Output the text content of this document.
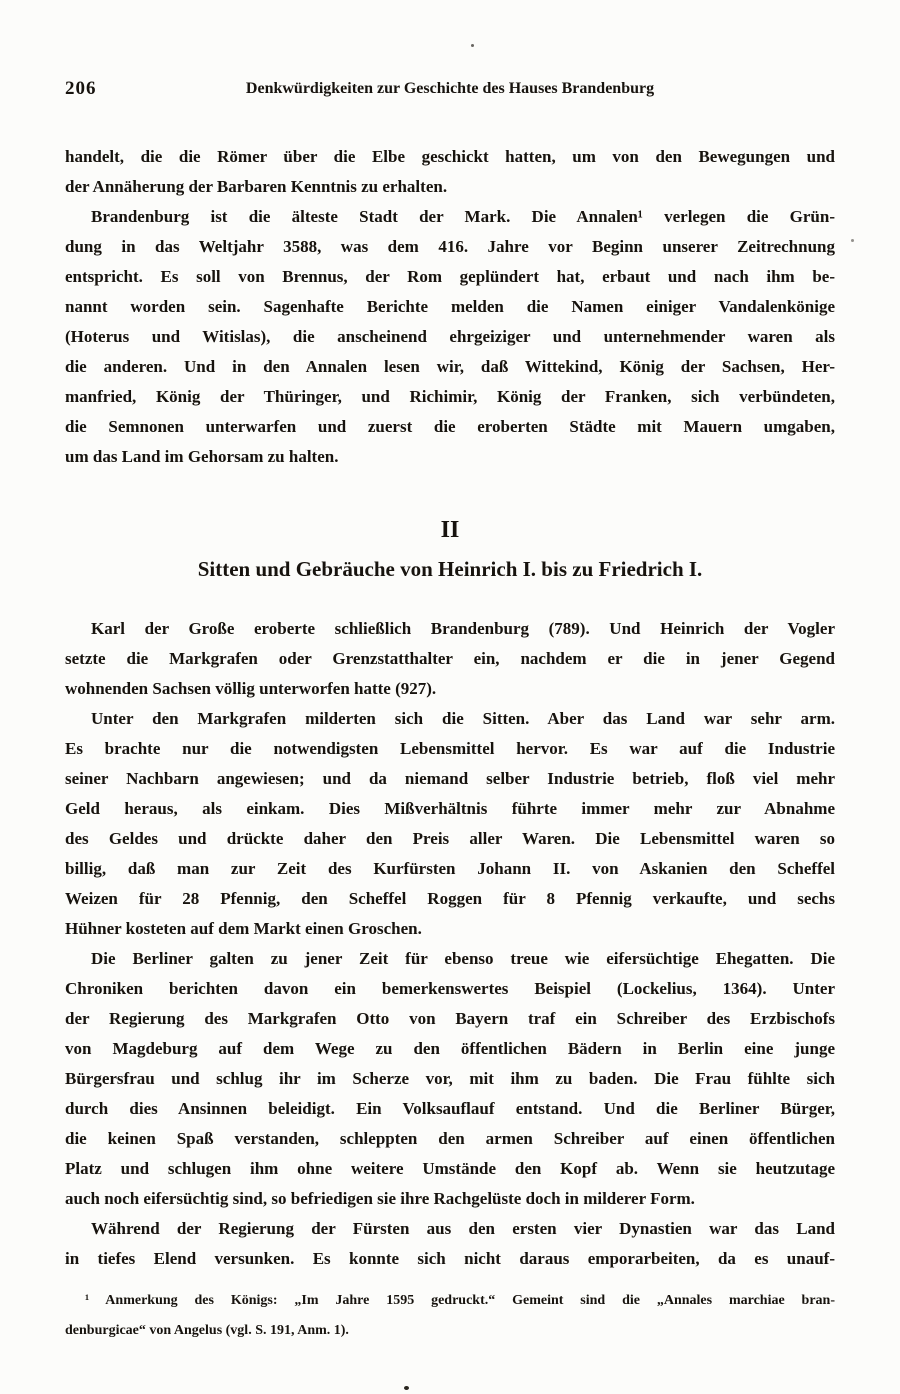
206	Denkwürdigkeiten zur Geschichte des Hauses Brandenburg
handelt, die die Römer über die Elbe geschickt hatten, um von den Bewegungen und
der Annäherung der Barbaren Kenntnis zu erhalten.
Brandenburg ist die älteste Stadt der Mark. Die Annalen¹ verlegen die Grün-
dung in das Weltjahr 3588, was dem 416. Jahre vor Beginn unserer Zeitrechnung
entspricht. Es soll von Brennus, der Rom geplündert hat, erbaut und nach ihm be-
nannt worden sein. Sagenhafte Berichte melden die Namen einiger Vandalenkönige
(Hoterus und Witislas), die anscheinend ehrgeiziger und unternehmender waren als
die anderen. Und in den Annalen lesen wir, daß Wittekind, König der Sachsen, Her-
manfried, König der Thüringer, und Richimir, König der Franken, sich verbündeten,
die Semnonen unterwarfen und zuerst die eroberten Städte mit Mauern umgaben,
um das Land im Gehorsam zu halten.
II
Sitten und Gebräuche von Heinrich I. bis zu Friedrich I.
Karl der Große eroberte schließlich Brandenburg (789). Und Heinrich der Vogler
setzte die Markgrafen oder Grenzstatthalter ein, nachdem er die in jener Gegend
wohnenden Sachsen völlig unterworfen hatte (927).
Unter den Markgrafen milderten sich die Sitten. Aber das Land war sehr arm.
Es brachte nur die notwendigsten Lebensmittel hervor. Es war auf die Industrie
seiner Nachbarn angewiesen; und da niemand selber Industrie betrieb, floß viel mehr
Geld heraus, als einkam. Dies Mißverhältnis führte immer mehr zur Abnahme
des Geldes und drückte daher den Preis aller Waren. Die Lebensmittel waren so
billig, daß man zur Zeit des Kurfürsten Johann II. von Askanien den Scheffel
Weizen für 28 Pfennig, den Scheffel Roggen für 8 Pfennig verkaufte, und sechs
Hühner kosteten auf dem Markt einen Groschen.
Die Berliner galten zu jener Zeit für ebenso treue wie eifersüchtige Ehegatten. Die
Chroniken berichten davon ein bemerkenswertes Beispiel (Lockelius, 1364). Unter
der Regierung des Markgrafen Otto von Bayern traf ein Schreiber des Erzbischofs
von Magdeburg auf dem Wege zu den öffentlichen Bädern in Berlin eine junge
Bürgersfrau und schlug ihr im Scherze vor, mit ihm zu baden. Die Frau fühlte sich
durch dies Ansinnen beleidigt. Ein Volksauflauf entstand. Und die Berliner Bürger,
die keinen Spaß verstanden, schleppten den armen Schreiber auf einen öffentlichen
Platz und schlugen ihm ohne weitere Umstände den Kopf ab. Wenn sie heutzutage
auch noch eifersüchtig sind, so befriedigen sie ihre Rachgelüste doch in milderer Form.
Während der Regierung der Fürsten aus den ersten vier Dynastien war das Land
in tiefes Elend versunken. Es konnte sich nicht daraus emporarbeiten, da es unauf-
¹ Anmerkung des Königs: „Im Jahre 1595 gedruckt.“ Gemeint sind die „Annales marchiae bran-
denburgicae“ von Angelus (vgl. S. 191, Anm. 1).
